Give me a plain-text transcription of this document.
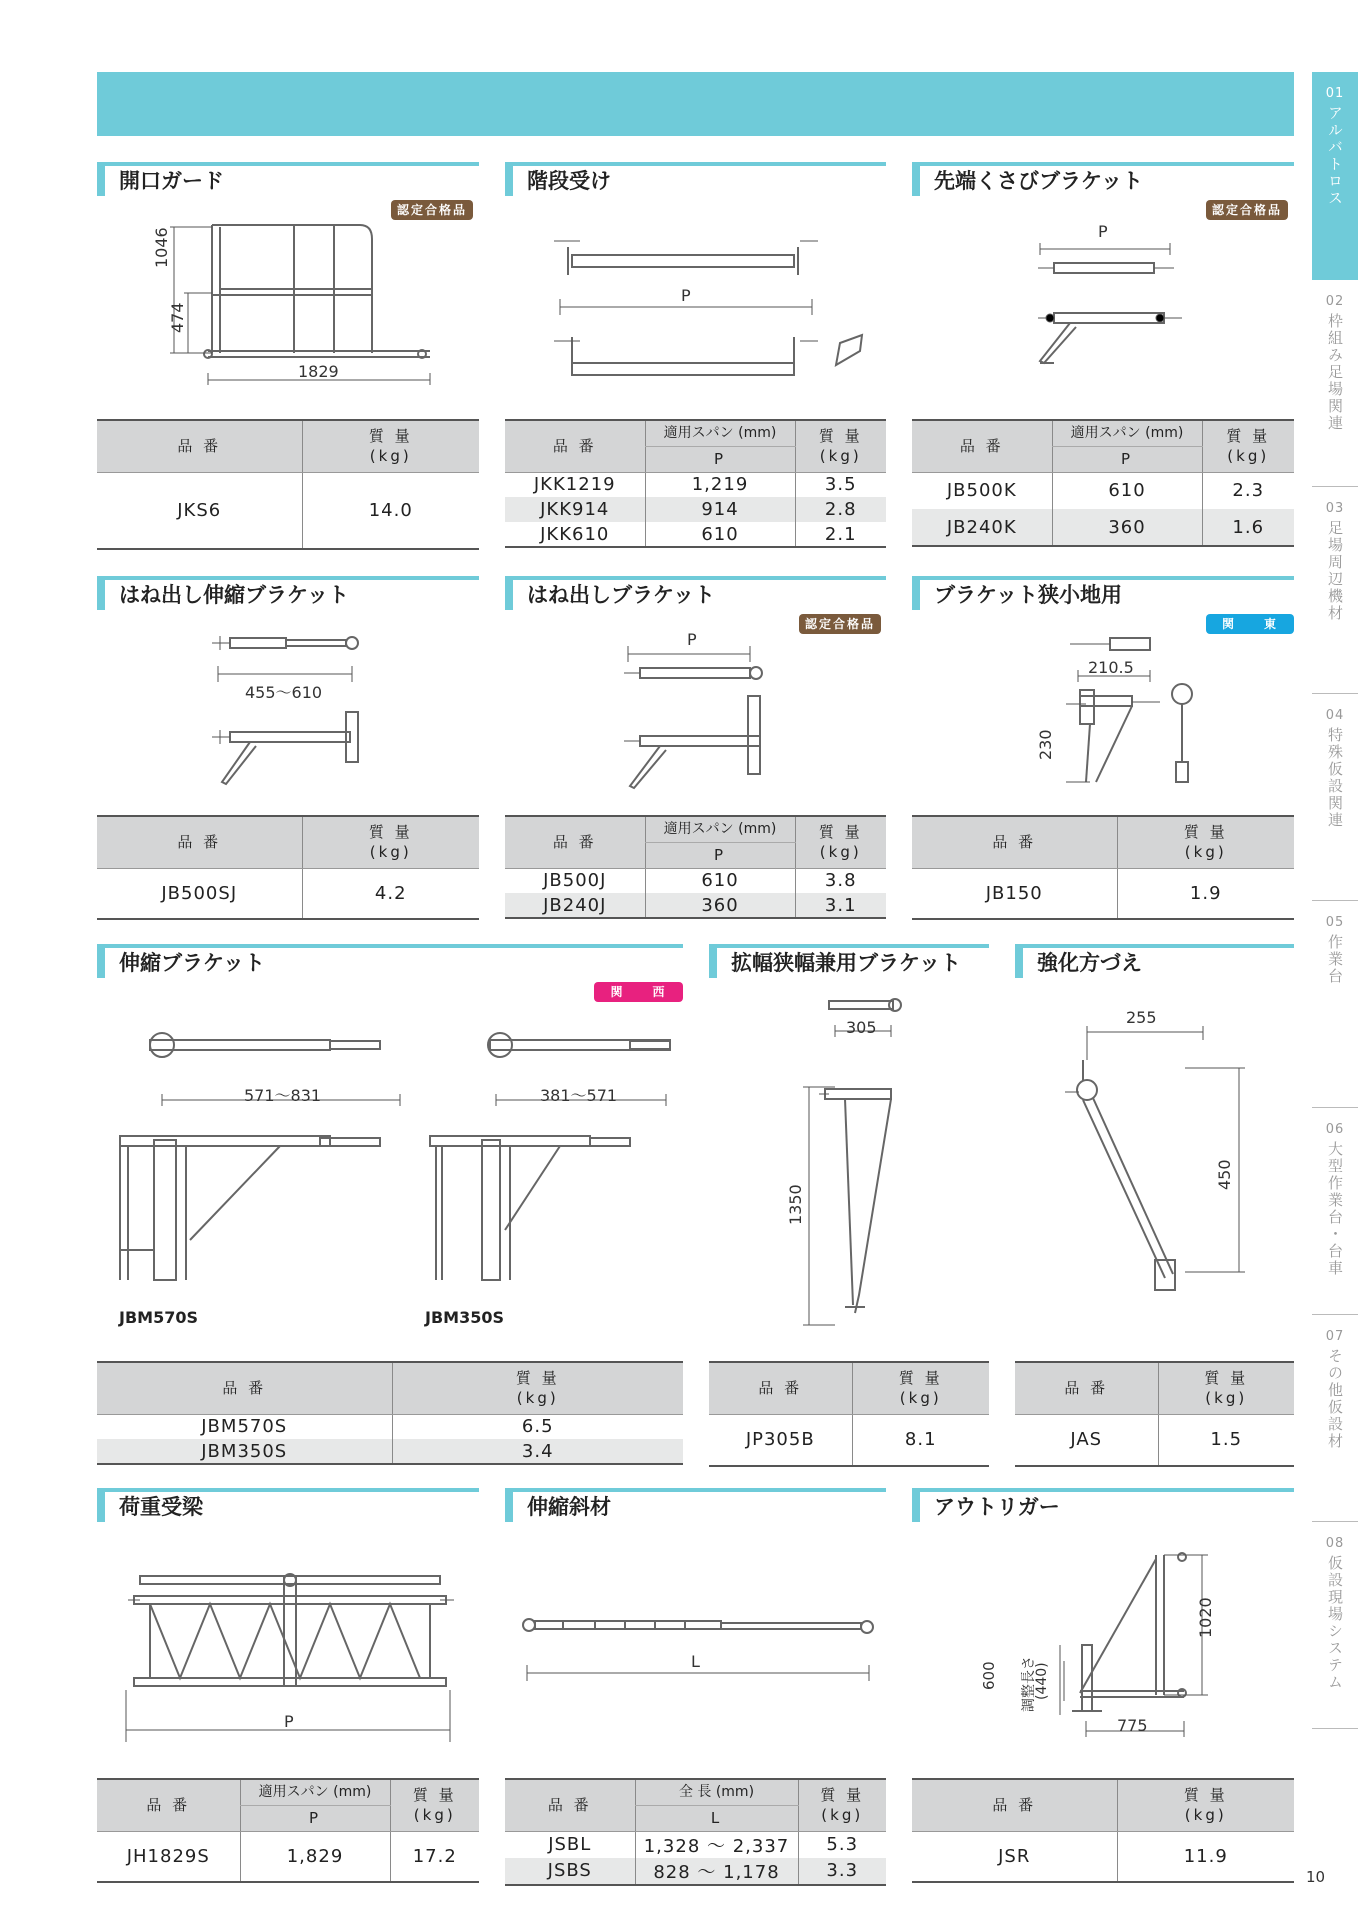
開口ガード
認定合格品
1046
474
1829
品 番	質 量
(kg)

JKS6	14.0
階段受け
P
品 番	適用スパン (mm)	質 量
(kg)

	P	
JKK1219	1,219	3.5
JKK914	914	2.8
JKK610	610	2.1
先端くさびブラケット
認定合格品
P
品 番	適用スパン (mm)	質 量
(kg)

	P	
JB500K	610	2.3
JB240K	360	1.6
はね出し伸縮ブラケット
455〜610
品 番	質 量
(kg)

JB500SJ	4.2
はね出しブラケット
認定合格品
P
品 番	適用スパン (mm)	質 量
(kg)

	P	
JB500J	610	3.8
JB240J	360	3.1
ブラケット狭小地用
関　　東
210.5
230
品 番	質 量
(kg)

JB150	1.9
伸縮ブラケット
関　　西
571〜831	381〜571
JBM570S	JBM350S
品 番	質 量
(kg)

JBM570S	6.5
JBM350S	3.4
拡幅狭幅兼用ブラケット
305
1350
品 番	質 量
(kg)

JP305B	8.1
強化方づえ
255
450
品 番	質 量
(kg)

JAS	1.5
荷重受梁
P
品 番	適用スパン (mm)	質 量
(kg)

	P	
JH1829S	1,829	17.2
伸縮斜材
L
品 番	全 長 (mm)	質 量
(kg)

	L	
JSBL	1,328 〜 2,337	5.3
JSBS	828 〜 1,178	3.3
アウトリガー
1020
775
600 調整長さ
(440)
品 番	質 量
(kg)

JSR	11.9
01
アルバトロス
02
枠組み足場関連
03
足場周辺機材
04
特殊仮設関連
05
作業台
06
大型作業台・台車
07
その他仮設材
08
仮設現場システム
10
